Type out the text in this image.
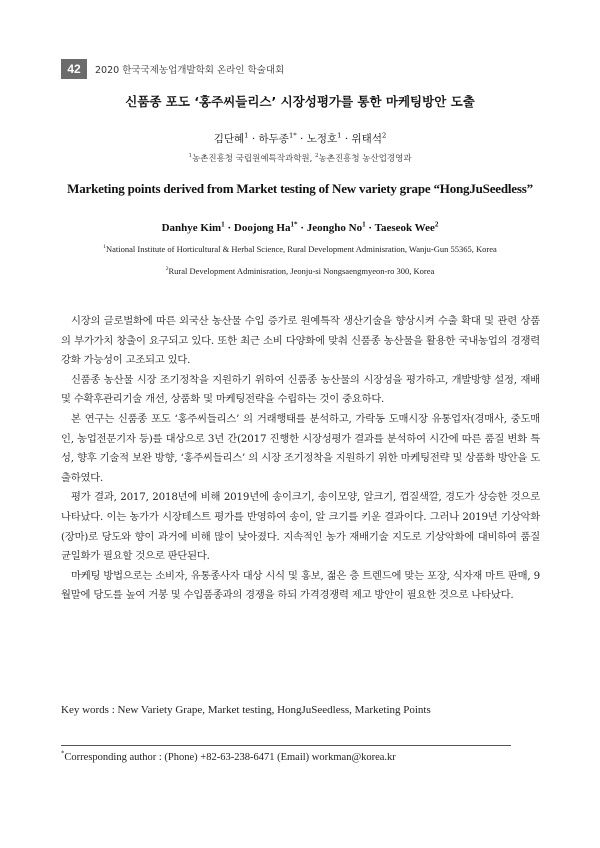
42	2020 한국국제농업개발학회 온라인 학술대회
신품종 포도 ‘홍주씨들리스’ 시장성평가를 통한 마케팅방안 도출
김단혜$^1$ · 하두종$^{1*}$ · 노정호$^1$ · 위태석$^2$
$^1$농촌진흥청 국립원예특작과학원, $^2$농촌진흥청 농산업경영과
Marketing points derived from Market testing of New variety grape “HongJuSeedless”
Danhye Kim$^1$ · Doojong $Ha^{1*}$ · Jeongho $No^1$ · Taeseok Wee$^2$
$^1$National Institute of Horticultural & Herbal Science, Rural Development Adminisration, Wanju-Gun 55365, Korea
$^2$Rural Development Adminisration, Jeonju-si Nongsaengmyeon-ro 300, Korea

시장의 글로벌화에 따른 외국산 농산물 수입 증가로 원예특작 생산기술을 향상시켜 수출 확대 및 관련 상품의 부가가치 창출이 요구되고 있다. 또한 최근 소비 다양화에 맞춰 신품종 농산물을 활용한 국내농업의 경쟁력 강화 가능성이 고조되고 있다.

신품종 농산물 시장 조기정착을 지원하기 위하여 신품종 농산물의 시장성을 평가하고, 개발방향 설정, 재배 및 수확후관리기술 개선, 상품화 및 마케팅전략을 수립하는 것이 중요하다.

본 연구는 신품종 포도 ‘홍주씨들리스’ 의 거래행태를 분석하고, 가락동 도매시장 유통업자(경매사, 중도매인, 농업전문기자 등)를 대상으로 3년 간(2017 진행한 시장성평가 결과를 분석하여 시간에 따른 품질 변화 특성, 향후 기술적 보완 방향, ‘홍주씨들리스’ 의 시장 조기정착을 지원하기 위한 마케팅전략 및 상품화 방안을 도출하였다.

평가 결과, 2017, 2018년에 비해 2019년에 송이크기, 송이모양, 알크기, 껍질색깔, 경도가 상승한 것으로 나타났다. 이는 농가가 시장테스트 평가를 반영하여 송이, 알 크기를 키운 결과이다. 그러나 2019년 기상악화(장마)로 당도와 향이 과거에 비해 많이 낮아졌다. 지속적인 농가 재배기술 지도로 기상악화에 대비하여 품질 균일화가 필요할 것으로 판단된다.

마케팅 방법으로는 소비자, 유통종사자 대상 시식 및 홍보, 젊은 층 트렌드에 맞는 포장, 식자재 마트 판매, 9월말에 당도를 높여 거봉 및 수입품종과의 경쟁을 하되 가격경쟁력 제고 방안이 필요한 것으로 나타났다.

Key words : New Variety Grape, Market testing, HongJuSeedless, Marketing Points
*Corresponding author : (Phone) +82-63-238-6471 (Email) workman@korea.kr
